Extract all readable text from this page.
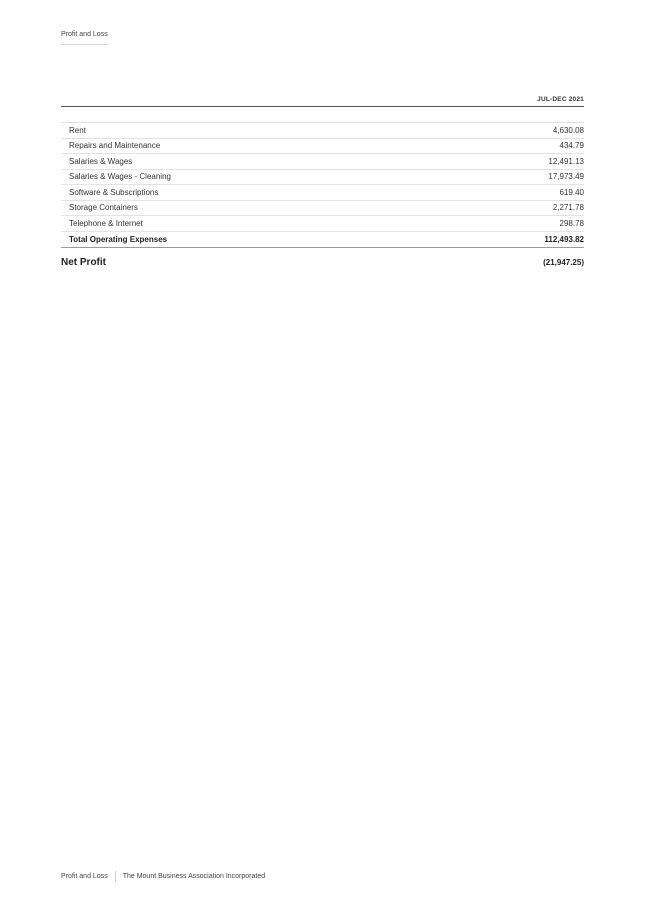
Profit and Loss
JUL-DEC 2021
Rent	4,630.08
Repairs and Maintenance	434.79
Salaries & Wages	12,491.13
Salaries & Wages - Cleaning	17,973.49
Software & Subscriptions	619.40
Storage Containers	2,271.78
Telephone & Internet	298.78
Total Operating Expenses	112,493.82
Net Profit	(21,947.25)
Profit and Loss The Mount Business Association Incorporated
